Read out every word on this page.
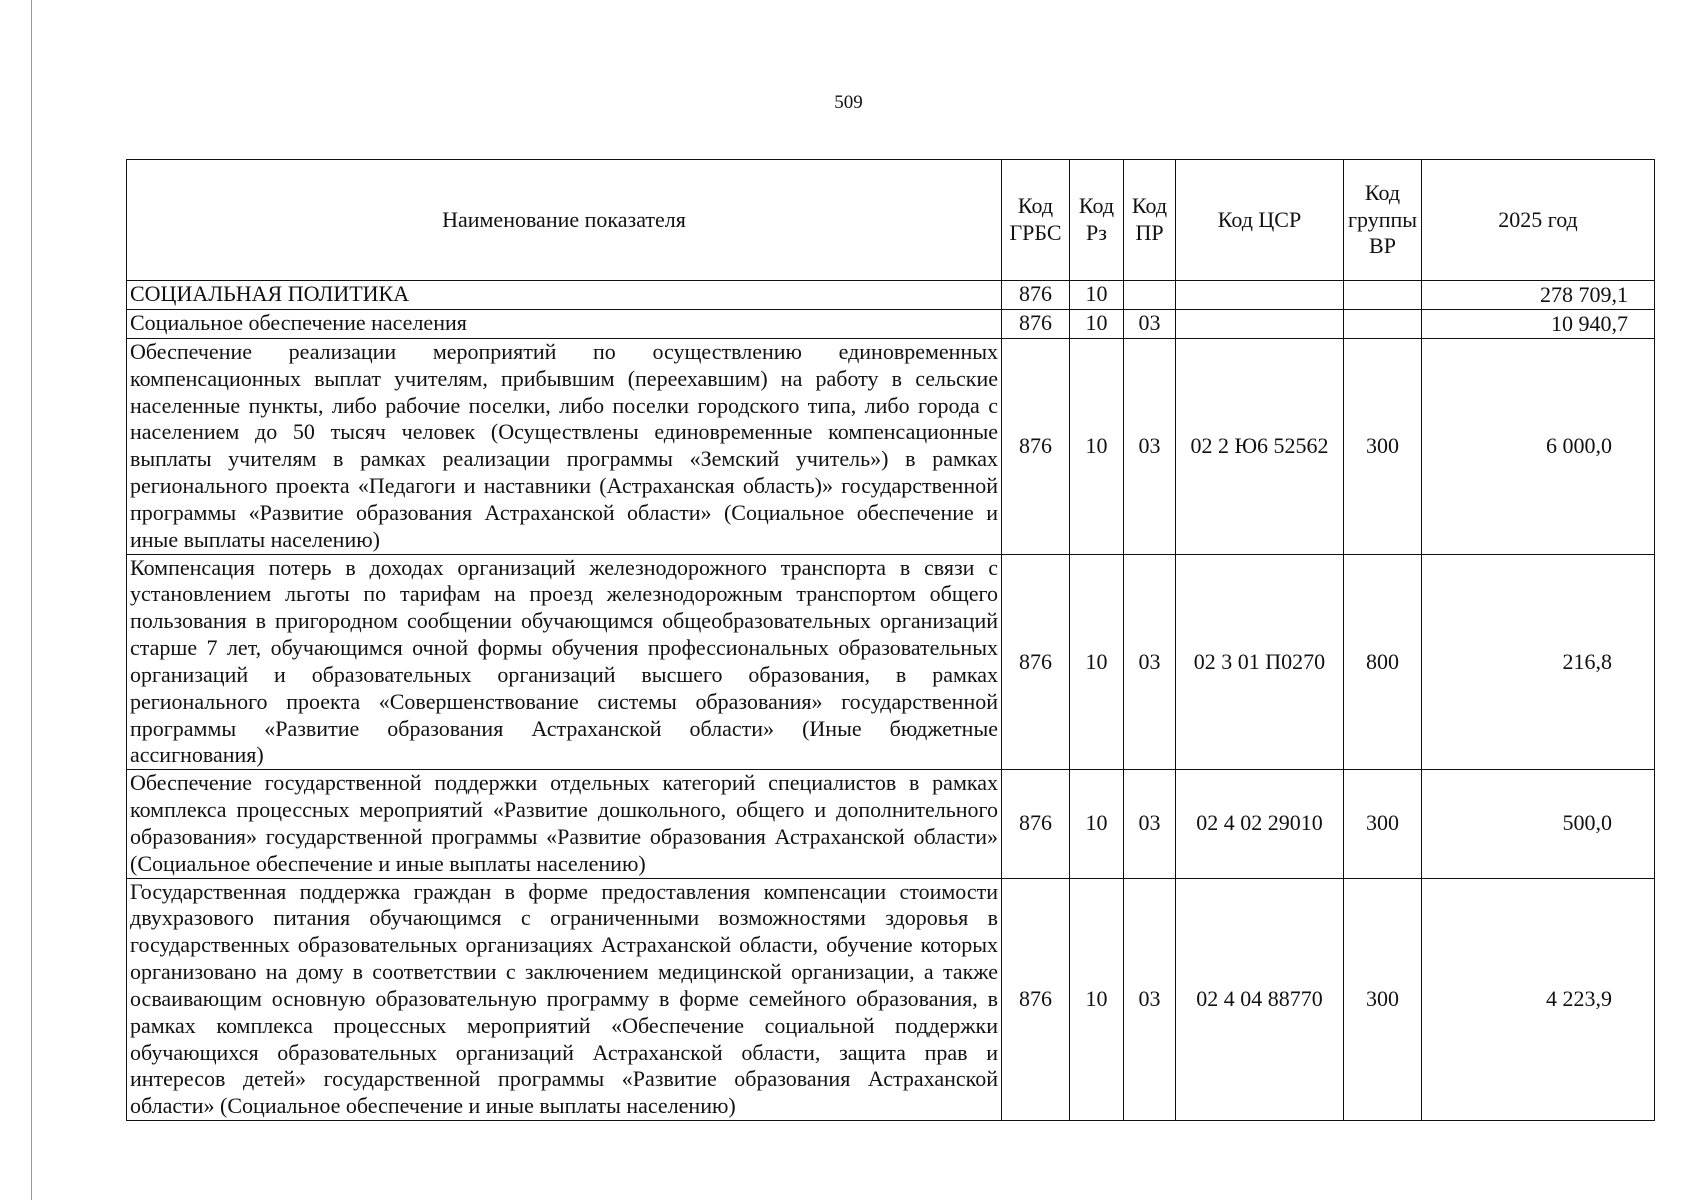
509
Наименование показателя	Код ГРБС	Код Рз	Код ПР	Код ЦСР	Код группы ВР	2025 год
СОЦИАЛЬНАЯ ПОЛИТИКА	876	10				278 709,1
Социальное обеспечение населения	876	10	03			10 940,7
Обеспечение реализации мероприятий по осуществлению единовременных компенсационных выплат учителям, прибывшим (переехавшим) на работу в сельские населенные пункты, либо рабочие поселки, либо поселки городского типа, либо города с населением до 50 тысяч человек (Осуществлены единовременные компенсационные выплаты учителям в рамках реализации программы «Земский учитель») в рамках регионального проекта «Педагоги и наставники (Астраханская область)» государственной программы «Развитие образования Астраханской области» (Социальное обеспечение и иные выплаты населению)	876	10	03	02 2 Ю6 52562	300	6 000,0
Компенсация потерь в доходах организаций железнодорожного транспорта в связи с установлением льготы по тарифам на проезд железнодорожным транспортом общего пользования в пригородном сообщении обучающимся общеобразовательных организаций старше 7 лет, обучающимся очной формы обучения профессиональных образовательных организаций и образовательных организаций высшего образования, в рамках регионального проекта «Совершенствование системы образования» государственной программы «Развитие образования Астраханской области» (Иные бюджетные ассигнования)	876	10	03	02 3 01 П0270	800	216,8
Обеспечение государственной поддержки отдельных категорий специалистов в рамках комплекса процессных мероприятий «Развитие дошкольного, общего и дополнительного образования» государственной программы «Развитие образования Астраханской области» (Социальное обеспечение и иные выплаты населению)	876	10	03	02 4 02 29010	300	500,0
Государственная поддержка граждан в форме предоставления компенсации стоимости двухразового питания обучающимся с ограниченными возможностями здоровья в государственных образовательных организациях Астраханской области, обучение которых организовано на дому в соответствии с заключением медицинской организации, а также осваивающим основную образовательную программу в форме семейного образования, в рамках комплекса процессных мероприятий «Обеспечение социальной поддержки обучающихся образовательных организаций Астраханской области, защита прав и интересов детей» государственной программы «Развитие образования Астраханской области» (Социальное обеспечение и иные выплаты населению)	876	10	03	02 4 04 88770	300	4 223,9
